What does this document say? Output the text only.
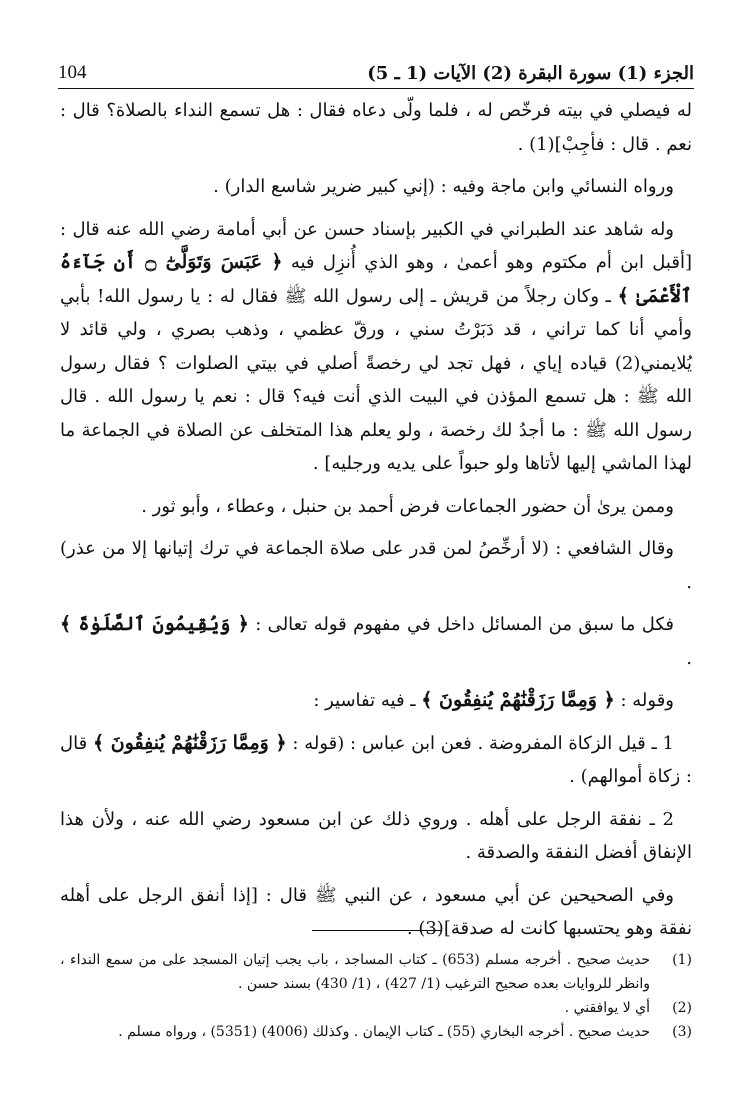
104	الجزء (1) سورة البقرة (2) الآيات (1 ـ 5)

له فيصلي في بيته فرخّص له ، فلما ولّى دعاه فقال : هل تسمع النداء بالصلاة؟ قال : نعم . قال : فأجِبْ](1) .

ورواه النسائي وابن ماجة وفيه : (إني كبير ضرير شاسع الدار) .

وله شاهد عند الطبراني في الكبير بإسناد حسن عن أبي أمامة رضي الله عنه قال : [أقبل ابن أم مكتوم وهو أعمىٰ ، وهو الذي أُنزِل فيه ﴿ عَبَسَ وَتَوَلَّىٰٓ ۝ أَن جَآءَهُ ٱلْأَعْمَىٰ ﴾ ـ وكان رجلاً من قريش ـ إلى رسول الله ﷺ فقال له : يا رسول الله! بأبي وأمي أنا كما تراني ، قد دَبَرْتُ سني ، ورقّ عظمي ، وذهب بصري ، ولي قائد لا يُلايمني(2) قياده إياي ، فهل تجد لي رخصةً أصلي في بيتي الصلوات ؟ فقال رسول الله ﷺ : هل تسمع المؤذن في البيت الذي أنت فيه؟ قال : نعم يا رسول الله . قال رسول الله ﷺ : ما أجدُ لك رخصة ، ولو يعلم هذا المتخلف عن الصلاة في الجماعة ما لهذا الماشي إليها لأتاها ولو حبواً على يديه ورجليه] .

وممن يرىٰ أن حضور الجماعات فرض أحمد بن حنبل ، وعطاء ، وأبو ثور .

وقال الشافعي : (لا أرخِّصُ لمن قدر على صلاة الجماعة في ترك إتيانها إلا من عذر) .

فكل ما سبق من المسائل داخل في مفهوم قوله تعالى : ﴿ وَيُقِيمُونَ ٱلصَّلَوٰةَ ﴾ .

وقوله : ﴿ وَمِمَّا رَزَقْنَٰهُمْ يُنفِقُونَ ﴾ ـ فيه تفاسير :

1 ـ قيل الزكاة المفروضة . فعن ابن عباس : (قوله : ﴿ وَمِمَّا رَزَقْنَٰهُمْ يُنفِقُونَ ﴾ قال : زكاة أموالهم) .

2 ـ نفقة الرجل على أهله . وروي ذلك عن ابن مسعود رضي الله عنه ، ولأن هذا الإنفاق أفضل النفقة والصدقة .

وفي الصحيحين عن أبي مسعود ، عن النبي ﷺ قال : [إذا أنفق الرجل على أهله نفقة وهو يحتسبها كانت له صدقة](3) .

(1)
حديث صحيح . أخرجه مسلم (653) ـ كتاب المساجد ، باب يجب إتيان المسجد على من سمع النداء ، وانظر للروايات بعده صحيح الترغيب (1/ 427) ، (1/ 430) بسند حسن .
(2)
أي لا يوافقني .
(3)
حديث صحيح . أخرجه البخاري (55) ـ كتاب الإيمان . وكذلك (4006) (5351) ، ورواه مسلم .
